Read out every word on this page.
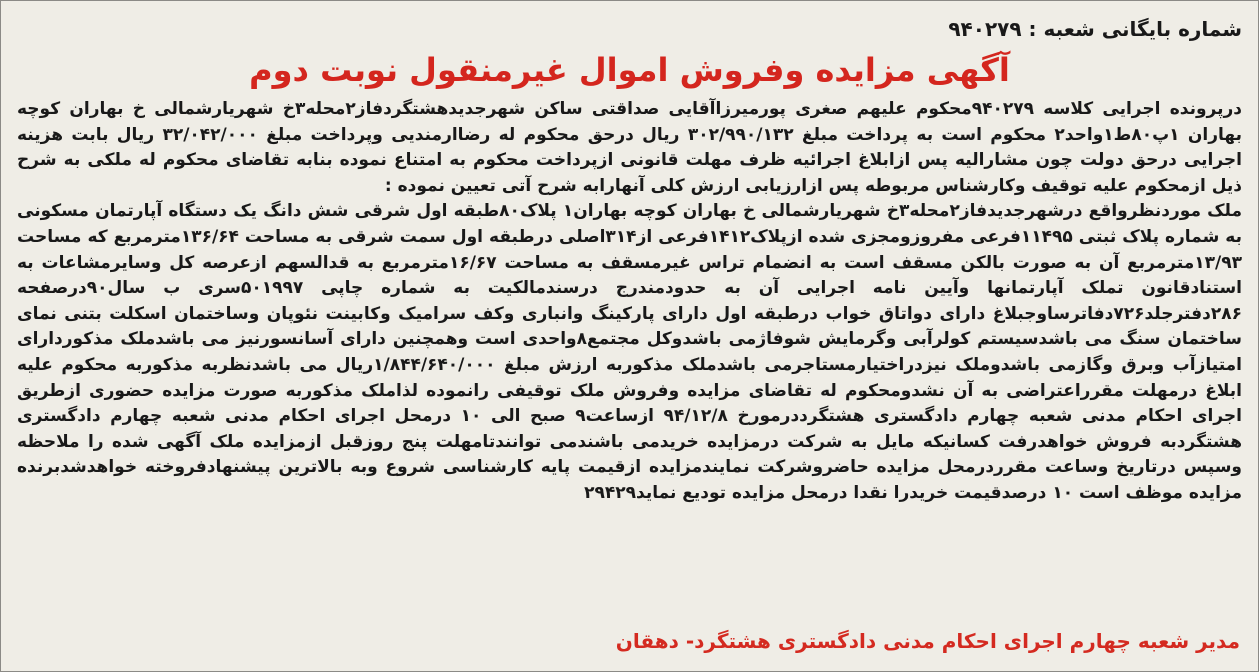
شماره بایگانی شعبه : ۹۴۰۲۷۹
آگهی مزایده وفروش اموال غیرمنقول نوبت دوم

درپرونده اجرایی کلاسه ۹۴۰۲۷۹محکوم علیهم صغری پورمیرزاآقایی صداقتی ساکن شهرجدیدهشتگردفاز۲محله۳خ شهریارشمالی خ بهاران کوچه بهاران ۱پ۸۰ط۱واحد۲ محکوم است به پرداخت مبلغ ۳۰۲/۹۹۰/۱۳۲ ریال درحق محکوم له رضاارمندیی وپرداخت مبلغ ۳۲/۰۴۲/۰۰۰ ریال بابت هزینه اجرایی درحق دولت چون مشارالیه پس ازابلاغ اجرائیه ظرف مهلت قانونی ازپرداخت محکوم به امتناع نموده بنابه تقاضای محکوم له ملکی به شرح ذیل ازمحکوم علیه توقیف وکارشناس مربوطه پس ازارزیابی ارزش کلی آنهارابه شرح آتی تعیین نموده :

ملک موردنظرواقع درشهرجدیدفاز۲محله۳خ شهریارشمالی خ بهاران کوچه بهاران۱ پلاک۸۰طبقه اول شرقی شش دانگ یک دستگاه آپارتمان مسکونی به شماره پلاک ثبتی ۱۱۴۹۵فرعی مفروزومجزی شده ازپلاک۱۴۱۲فرعی از۳۱۴اصلی درطبقه اول سمت شرقی به مساحت ۱۳۶/۶۴مترمربع که مساحت ۱۳/۹۳مترمربع آن به صورت بالکن مسقف است به انضمام تراس غیرمسقف به مساحت ۱۶/۶۷مترمربع به قدالسهم ازعرصه کل وسایرمشاعات به استنادقانون تملک آپارتمانها وآیین نامه اجرایی آن به حدودمندرج درسندمالکیت به شماره چاپی ۵۰۱۹۹۷سری ب سال۹۰درصفحه ۲۸۶دفترجلد۷۲۶دفاترساوجبلاغ دارای دواتاق خواب درطبقه اول دارای پارکینگ وانباری وکف سرامیک وکابینت نئوپان وساختمان اسکلت بتنی نمای ساختمان سنگ می باشدسیستم کولرآبی وگرمایش شوفاژمی باشدوکل مجتمع۸واحدی است وهمچنین دارای آسانسورنیز می باشدملک مذکوردارای امتیازآب وبرق وگازمی باشدوملک نیزدراختیارمستاجرمی باشدملک مذکوربه ارزش مبلغ ۱/۸۴۴/۶۴۰/۰۰۰ریال می باشدنظربه مذکوربه محکوم علیه ابلاغ درمهلت مقرراعتراضی به آن نشدومحکوم له تقاضای مزایده وفروش ملک توقیفی رانموده لذاملک مذکوربه صورت مزایده حضوری ازطریق اجرای احکام مدنی شعبه چهارم دادگستری هشتگرددرمورخ ۹۴/۱۲/۸ ازساعت۹ صبح الی ۱۰ درمحل اجرای احکام مدنی شعبه چهارم دادگستری هشتگردبه فروش خواهدرفت کسانیکه مایل به شرکت درمزایده خریدمی باشندمی توانندتامهلت پنج روزقبل ازمزایده ملک آگهی شده را ملاحظه وسپس درتاریخ وساعت مقرردرمحل مزایده حاضروشرکت نمایندمزایده ازقیمت پایه کارشناسی شروع وبه بالاترین پیشنهادفروخته خواهدشدبرنده مزایده موظف است ۱۰ درصدقیمت خریدرا نقدا درمحل مزایده تودیع نماید۲۹۴۲۹

مدیر شعبه چهارم اجرای احکام مدنی دادگستری هشتگرد- دهقان
